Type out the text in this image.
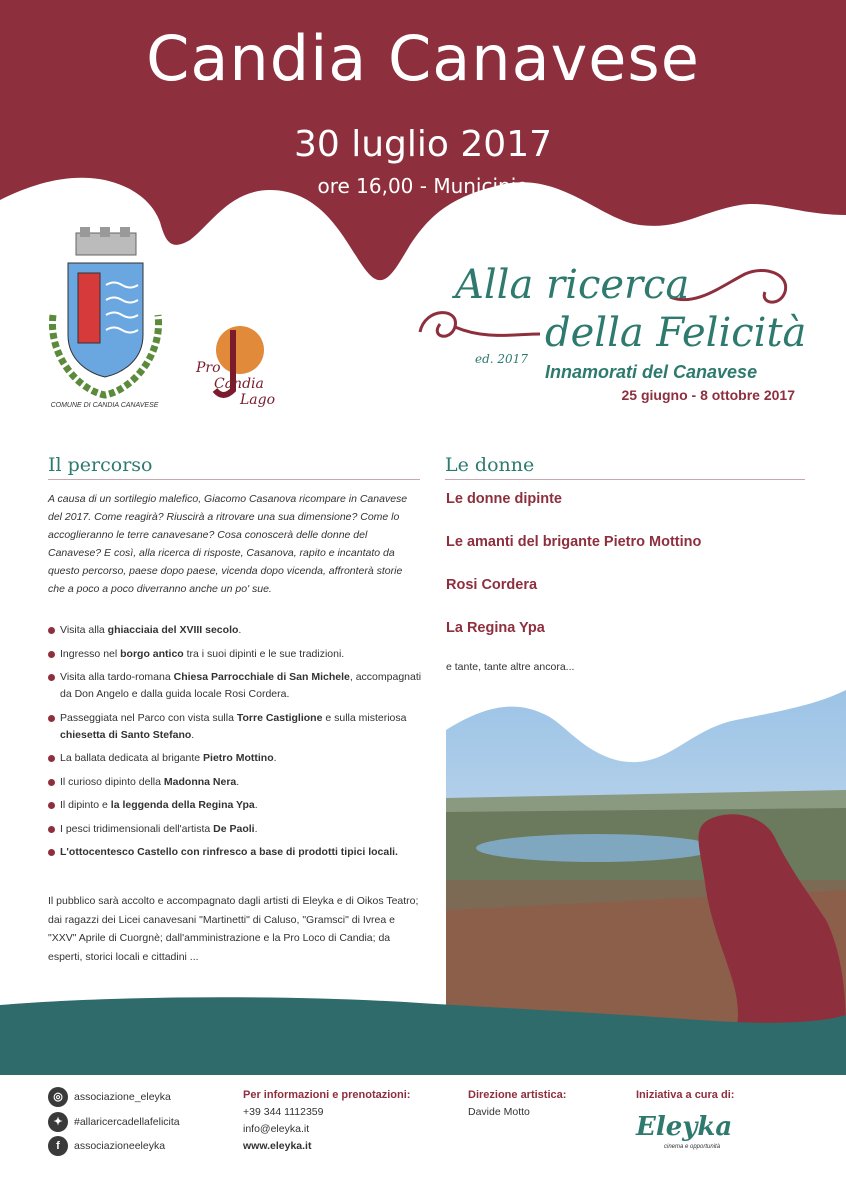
Candia Canavese
30 luglio 2017
ore 16,00 - Municipio
COMUNE DI CANDIA CANAVESE
Pro
Candia
Lago
Alla ricerca
della Felicità
ed. 2017
Innamorati del Canavese
25 giugno - 8 ottobre 2017
Il percorso
A causa di un sortilegio malefico, Giacomo Casanova ricompare in Canavese del 2017. Come reagirà? Riuscirà a ritrovare una sua dimensione? Come lo accoglieranno le terre canavesane? Cosa conoscerà delle donne del Canavese? E così, alla ricerca di risposte, Casanova, rapito e incantato da questo percorso, paese dopo paese, vicenda dopo vicenda, affronterà storie che a poco a poco diverranno anche un po' sue.
Visita alla ghiacciaia del XVIII secolo.
Ingresso nel borgo antico tra i suoi dipinti e le sue tradizioni.
Visita alla tardo-romana Chiesa Parrocchiale di San Michele, accompagnati da Don Angelo e dalla guida locale Rosi Cordera.
Passeggiata nel Parco con vista sulla Torre Castiglione e sulla misteriosa chiesetta di Santo Stefano.
La ballata dedicata al brigante Pietro Mottino.
Il curioso dipinto della Madonna Nera.
Il dipinto e la leggenda della Regina Ypa.
I pesci tridimensionali dell'artista De Paoli.
L'ottocentesco Castello con rinfresco a base di prodotti tipici locali.
Il pubblico sarà accolto e accompagnato dagli artisti di Eleyka e di Oikos Teatro; dai ragazzi dei Licei canavesani "Martinetti" di Caluso, "Gramsci" di Ivrea e "XXV" Aprile di Cuorgnè; dall'amministrazione e la Pro Loco di Candia; da esperti, storici locali e cittadini ...
Le donne
Le donne dipinte
Le amanti del brigante Pietro Mottino
Rosi Cordera
La Regina Ypa
e tante, tante altre ancora...
◎ associazione_eleyka
✦ #allaricercadellafelicita
f associazioneeleyka
Per informazioni e prenotazioni:
+39 344 1112359
info@eleyka.it
www.eleyka.it
Direzione artistica:
Davide Motto
Iniziativa a cura di:
Eleyka
cinema e opportunità
